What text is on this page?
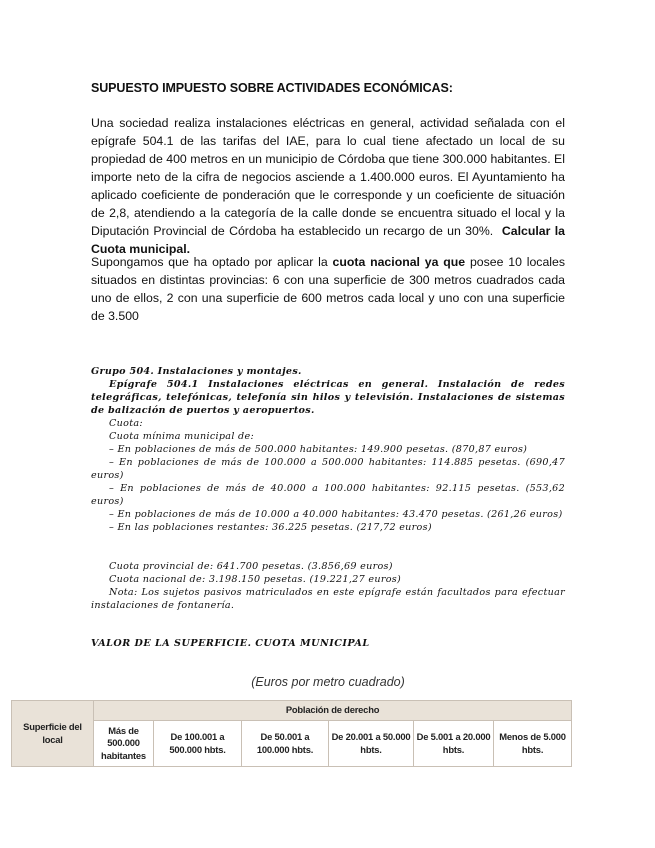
SUPUESTO IMPUESTO SOBRE ACTIVIDADES ECONÓMICAS:

Una sociedad realiza instalaciones eléctricas en general, actividad señalada con el epígrafe 504.1 de las tarifas del IAE, para lo cual tiene afectado un local de su propiedad de 400 metros en un municipio de Córdoba que tiene 300.000 habitantes. El importe neto de la cifra de negocios asciende a 1.400.000 euros. El Ayuntamiento ha aplicado coeficiente de ponderación que le corresponde y un coeficiente de situación de 2,8, atendiendo a la categoría de la calle donde se encuentra situado el local y la Diputación Provincial de Córdoba ha establecido un recargo de un 30%. Calcular la Cuota municipal.

Supongamos que ha optado por aplicar la cuota nacional ya que posee 10 locales situados en distintas provincias: 6 con una superficie de 300 metros cuadrados cada uno de ellos, 2 con una superficie de 600 metros cada local y uno con una superficie de 3.500

Grupo 504. Instalaciones y montajes.

Epígrafe 504.1 Instalaciones eléctricas en general. Instalación de redes telegráficas, telefónicas, telefonía sin hilos y televisión. Instalaciones de sistemas de balización de puertos y aeropuertos.

Cuota:

Cuota mínima municipal de:

– En poblaciones de más de 500.000 habitantes: 149.900 pesetas. (870,87 euros)

– En poblaciones de más de 100.000 a 500.000 habitantes: 114.885 pesetas. (690,47 euros)

– En poblaciones de más de 40.000 a 100.000 habitantes: 92.115 pesetas. (553,62 euros)

– En poblaciones de más de 10.000 a 40.000 habitantes: 43.470 pesetas. (261,26 euros)

– En las poblaciones restantes: 36.225 pesetas. (217,72 euros)

Cuota provincial de: 641.700 pesetas. (3.856,69 euros)

Cuota nacional de: 3.198.150 pesetas. (19.221,27 euros)

Nota: Los sujetos pasivos matriculados en este epígrafe están facultados para efectuar instalaciones de fontanería.

VALOR DE LA SUPERFICIE. CUOTA MUNICIPAL

(Euros por metro cuadrado)
Superficie del local	Población de derecho					
	Más de 500.000 habitantes	De 100.001 a 500.000 hbts.	De 50.001 a 100.000 hbts.	De 20.001 a 50.000 hbts.	De 5.001 a 20.000 hbts.	Menos de 5.000 hbts.
